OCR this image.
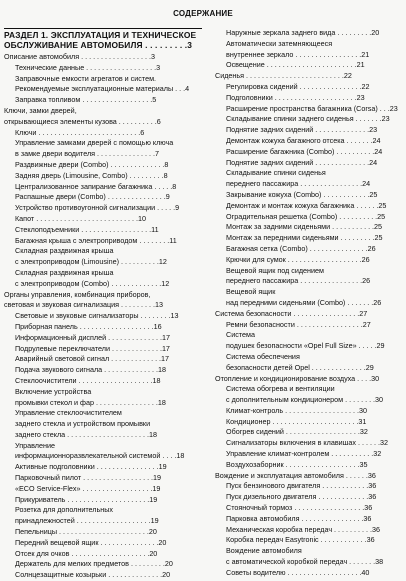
СОДЕРЖАНИЕ
РАЗДЕЛ 1. ЭКСПЛУАТАЦИЯ И ТЕХНИЧЕСКОЕ
ОБСЛУЖИВАНИЕ АВТОМОБИЛЯ . . . . . . . . .3
Описание автомобиля . . . . . . . . . . . . . . . . . .3
Технические данные . . . . . . . . . . . . . . . . . .3
Заправочные емкости агрегатов и систем.
Рекомендуемые эксплуатационные материалы . . .4
Заправка топливом . . . . . . . . . . . . . . . . . .5
Ключи, замки дверей,
открывающиеся элементы кузова . . . . . . . . . .6
Ключи . . . . . . . . . . . . . . . . . . . . . . . . . .6
Управление замками дверей с помощью ключа
в замке двери водителя . . . . . . . . . . . . . . .7
Раздвижные двери (Combo) . . . . . . . . . . . . . .8
Задняя дверь (Limousine, Combo) . . . . . . . . .8
Централизованное запирание багажника . . . . .8
Распашные двери (Combo) . . . . . . . . . . . . . . .9
Устройство противоугонной сигнализации . . . . .9
Капот . . . . . . . . . . . . . . . . . . . . . . . . . .10
Стеклоподъемники . . . . . . . . . . . . . . . . . .11
Багажная крыша с электроприводом . . . . . . . .11
Складная раздвижная крыша
с электроприводом (Limousine) . . . . . . . . . .12
Складная раздвижная крыша
с электроприводом (Combo) . . . . . . . . . . . . .12
Органы управления, комбинация приборов,
световая и звуковая сигнализация . . . . . . . . .13
Световые и звуковые сигнализаторы . . . . . . . .13
Приборная панель . . . . . . . . . . . . . . . . . . .16
Информационный дисплей . . . . . . . . . . . . . .17
Подрулевые переключатели . . . . . . . . . . . . .17
Аварийный световой сигнал . . . . . . . . . . . . .17
Подача звукового сигнала . . . . . . . . . . . . . .18
Стеклоочистители . . . . . . . . . . . . . . . . . . .18
Включение устройства
промывки стекол и фар . . . . . . . . . . . . . . . .18
Управление стеклоочистителем
заднего стекла и устройством промывки
заднего стекла . . . . . . . . . . . . . . . . . . . . .18
Управление
информационноразвлекательной системой . . . .18
Активные подголовники . . . . . . . . . . . . . . . .19
Парковочный пилот . . . . . . . . . . . . . . . . . .19
«ECO Service-Flex» . . . . . . . . . . . . . . . . . .19
Прикуриватель . . . . . . . . . . . . . . . . . . . . .19
Розетка для дополнительных
принадлежностей . . . . . . . . . . . . . . . . . . .19
Пепельницы . . . . . . . . . . . . . . . . . . . . . . .20
Передний вещевой ящик . . . . . . . . . . . . . . .20
Отсек для очков . . . . . . . . . . . . . . . . . . . .20
Держатель для мелких предметов . . . . . . . . .20
Солнцезащитные козырьки . . . . . . . . . . . . . .20
Наружные зеркала заднего вида . . . . . . . . .20
Автоматически затемняющееся
внутреннее зеркало . . . . . . . . . . . . . . . . .21
Освещение . . . . . . . . . . . . . . . . . . . . . . .21
Сиденья . . . . . . . . . . . . . . . . . . . . . . . . .22
Регулировка сидений . . . . . . . . . . . . . . . .22
Подголовники . . . . . . . . . . . . . . . . . . . . .23
Расширение пространства багажника (Corsa) . . .23
Складывание спинки заднего сиденья . . . . . . .23
Поднятие задних сидений . . . . . . . . . . . . . .23
Демонтаж кожуха багажного отсека . . . . . . .24
Расширение багажника (Combo) . . . . . . . . . .24
Поднятие задних сидений . . . . . . . . . . . . . .24
Складывание спинки сиденья
переднего пассажира . . . . . . . . . . . . . . . .24
Закрывание кожуха (Combo) . . . . . . . . . . . .25
Демонтаж и монтаж кожуха багажника . . . . . .25
Оградительная решетка (Combo) . . . . . . . . . .25
Монтаж за задними сиденьями . . . . . . . . . . .25
Монтаж за передними сиденьями . . . . . . . . .25
Багажная сетка (Combo) . . . . . . . . . . . . . . .26
Крючки для сумок . . . . . . . . . . . . . . . . . . .26
Вещевой ящик под сидением
переднего пассажира . . . . . . . . . . . . . . . .26
Вещевой ящик
над передними сиденьями (Combo) . . . . . . .26
Система безопасности . . . . . . . . . . . . . . . . .27
Ремни безопасности . . . . . . . . . . . . . . . . .27
Система
подушек безопасности «Opel Full Size» . . . . .29
Система обеспечения
безопасности детей Opel . . . . . . . . . . . . . .29
Отопление и кондиционирование воздуха . . . .30
Система обогрева и вентиляции
с дополнительным кондиционером . . . . . . . .30
Климат-контроль . . . . . . . . . . . . . . . . . . .30
Кондиционер . . . . . . . . . . . . . . . . . . . . . .31
Обогрев сидений . . . . . . . . . . . . . . . . . . .32
Сигнализаторы включения в клавишах . . . . . .32
Управление климат-контролем . . . . . . . . . . .32
Воздухозаборник . . . . . . . . . . . . . . . . . . .35
Вождение и эксплуатация автомобиля . . . . . .36
Пуск бензинового двигателя . . . . . . . . . . . .36
Пуск дизельного двигателя . . . . . . . . . . . . .36
Стояночный тормоз . . . . . . . . . . . . . . . . . .36
Парковка автомобиля . . . . . . . . . . . . . . . .36
Механическая коробка передач . . . . . . . . . .36
Коробка передач Easytronic . . . . . . . . . . . .36
Вождение автомобиля
с автоматической коробкой передач . . . . . . .38
Советы водителю . . . . . . . . . . . . . . . . . . .40
